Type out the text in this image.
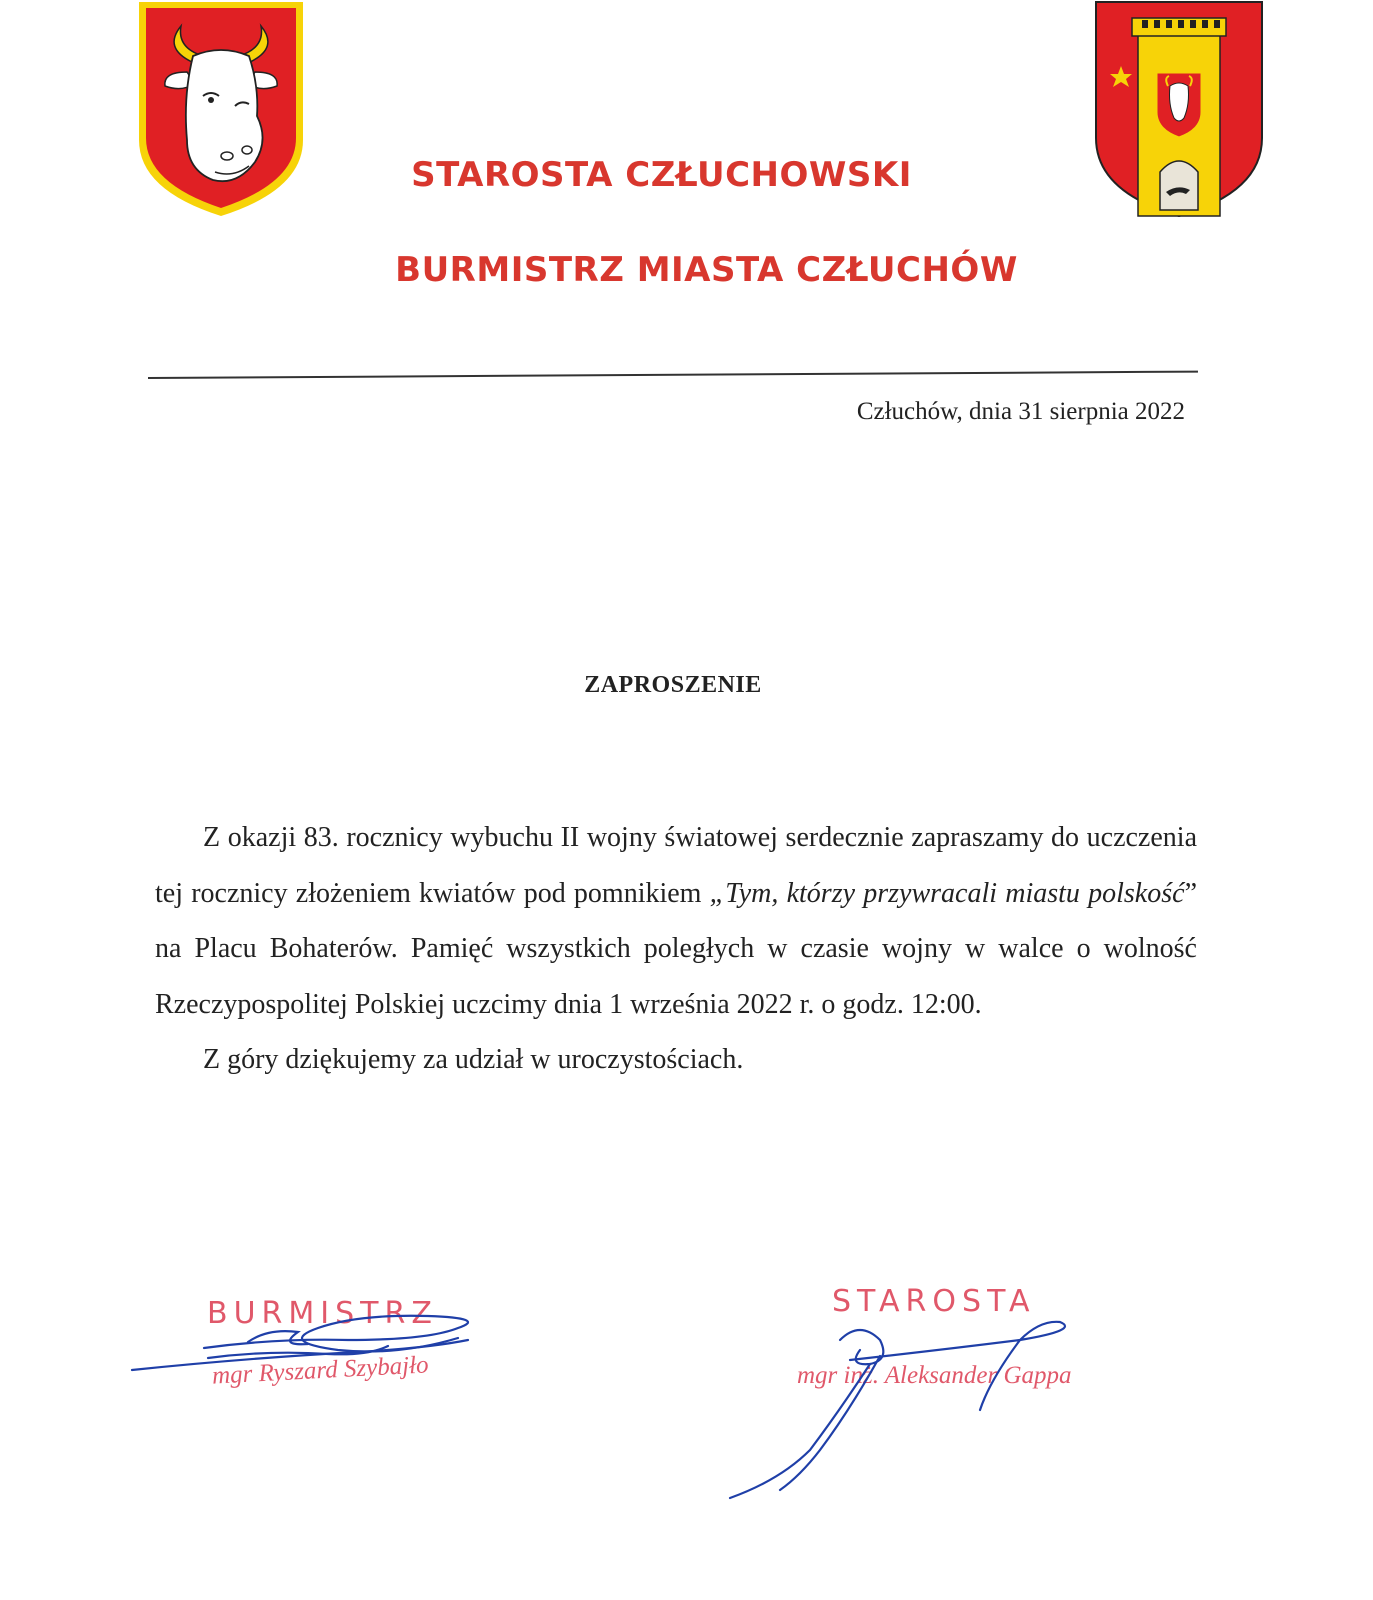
STAROSTA CZŁUCHOWSKI
BURMISTRZ MIASTA CZŁUCHÓW
Człuchów, dnia 31 sierpnia 2022
ZAPROSZENIE

Z okazji 83. rocznicy wybuchu II wojny światowej serdecznie zapraszamy do uczczenia tej rocznicy złożeniem kwiatów pod pomnikiem „Tym, którzy przywracali miastu polskość” na Placu Bohaterów. Pamięć wszystkich poległych w czasie wojny w walce o wolność Rzeczypospolitej Polskiej uczcimy dnia 1 września 2022 r. o godz. 12:00.

Z góry dziękujemy za udział w uroczystościach.

BURMISTRZ
mgr Ryszard Szybajło
STAROSTA
mgr inż. Aleksander Gappa
